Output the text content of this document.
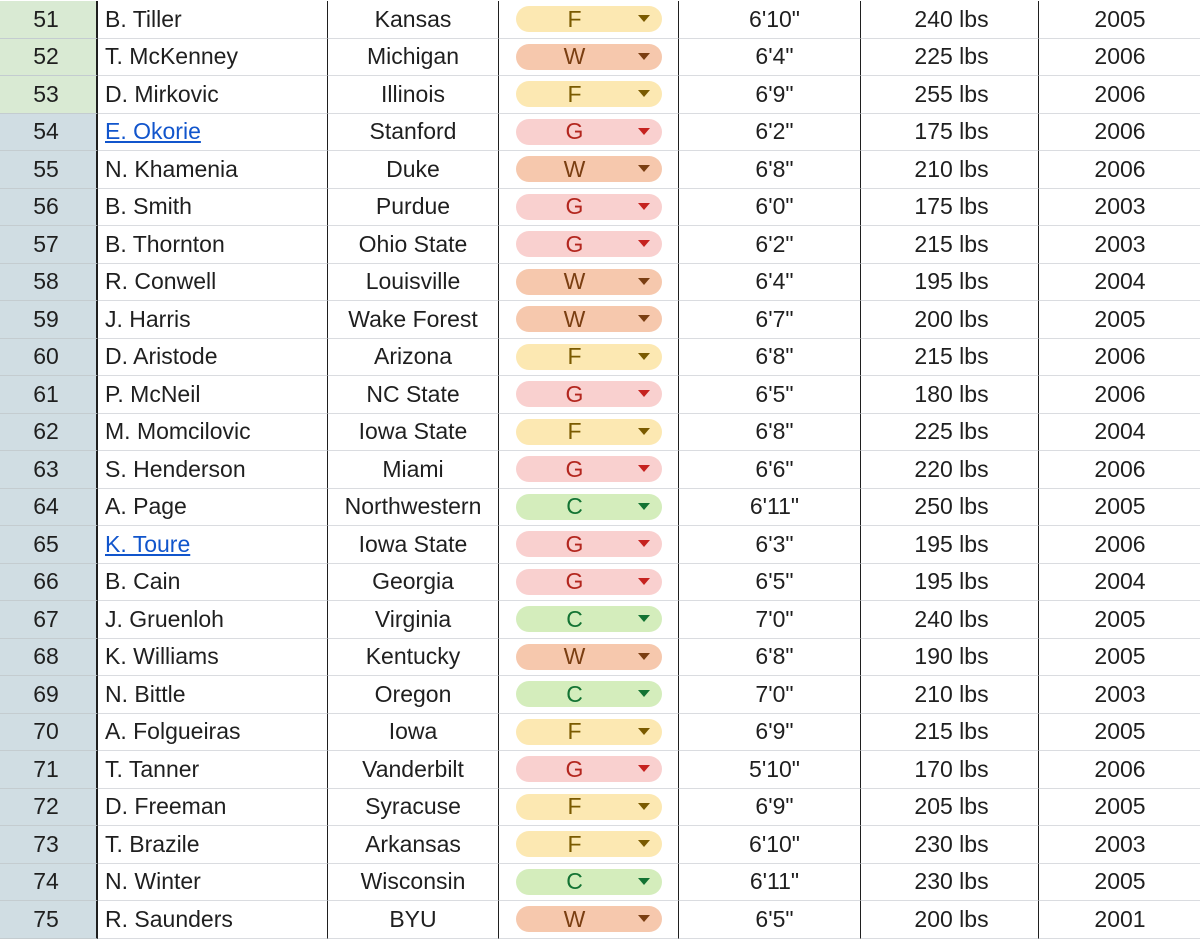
51	B. Tiller	Kansas	F	6'10"	240 lbs	2005
52	T. McKenney	Michigan	W	6'4"	225 lbs	2006
53	D. Mirkovic	Illinois	F	6'9"	255 lbs	2006
54	E. Okorie	Stanford	G	6'2"	175 lbs	2006
55	N. Khamenia	Duke	W	6'8"	210 lbs	2006
56	B. Smith	Purdue	G	6'0"	175 lbs	2003
57	B. Thornton	Ohio State	G	6'2"	215 lbs	2003
58	R. Conwell	Louisville	W	6'4"	195 lbs	2004
59	J. Harris	Wake Forest	W	6'7"	200 lbs	2005
60	D. Aristode	Arizona	F	6'8"	215 lbs	2006
61	P. McNeil	NC State	G	6'5"	180 lbs	2006
62	M. Momcilovic	Iowa State	F	6'8"	225 lbs	2004
63	S. Henderson	Miami	G	6'6"	220 lbs	2006
64	A. Page	Northwestern	C	6'11"	250 lbs	2005
65	K. Toure	Iowa State	G	6'3"	195 lbs	2006
66	B. Cain	Georgia	G	6'5"	195 lbs	2004
67	J. Gruenloh	Virginia	C	7'0"	240 lbs	2005
68	K. Williams	Kentucky	W	6'8"	190 lbs	2005
69	N. Bittle	Oregon	C	7'0"	210 lbs	2003
70	A. Folgueiras	Iowa	F	6'9"	215 lbs	2005
71	T. Tanner	Vanderbilt	G	5'10"	170 lbs	2006
72	D. Freeman	Syracuse	F	6'9"	205 lbs	2005
73	T. Brazile	Arkansas	F	6'10"	230 lbs	2003
74	N. Winter	Wisconsin	C	6'11"	230 lbs	2005
75	R. Saunders	BYU	W	6'5"	200 lbs	2001
